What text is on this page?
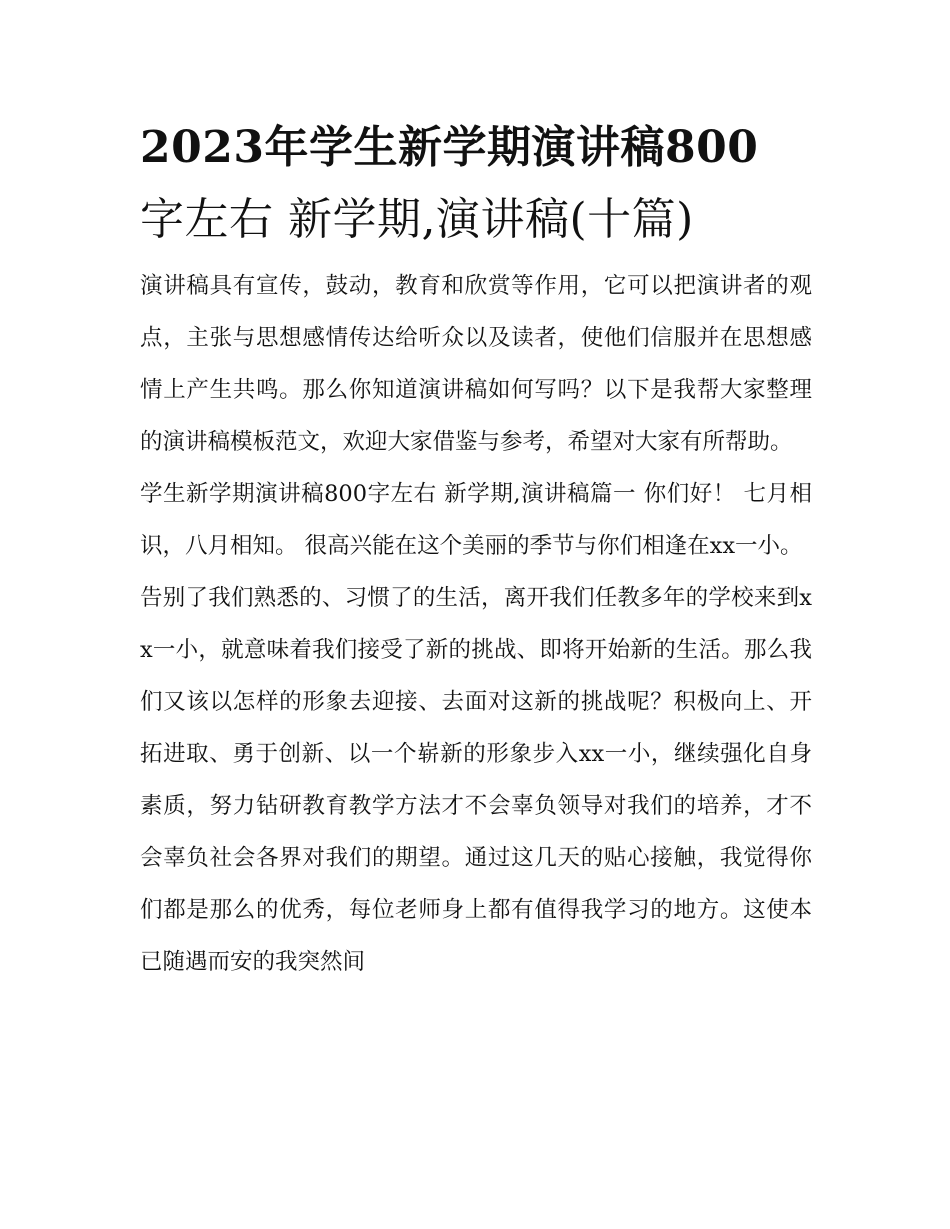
2023年学生新学期演讲稿800
字左右 新学期,演讲稿(十篇)

演讲稿具有宣传，鼓动，教育和欣赏等作用，它可以把演讲者的观点，主张与思想感情传达给听众以及读者，使他们信服并在思想感情上产生共鸣。那么你知道演讲稿如何写吗？以下是我帮大家整理的演讲稿模板范文，欢迎大家借鉴与参考，希望对大家有所帮助。

学生新学期演讲稿800字左右 新学期,演讲稿篇一 你们好！ 七月相识，八月相知。 很高兴能在这个美丽的季节与你们相逢在xx一小。

告别了我们熟悉的、习惯了的生活，离开我们任教多年的学校来到xx一小，就意味着我们接受了新的挑战、即将开始新的生活。那么我们又该以怎样的形象去迎接、去面对这新的挑战呢？积极向上、开拓进取、勇于创新、以一个崭新的形象步入xx一小，继续强化自身素质，努力钻研教育教学方法才不会辜负领导对我们的培养，才不会辜负社会各界对我们的期望。通过这几天的贴心接触，我觉得你们都是那么的优秀，每位老师身上都有值得我学习的地方。这使本已随遇而安的我突然间
